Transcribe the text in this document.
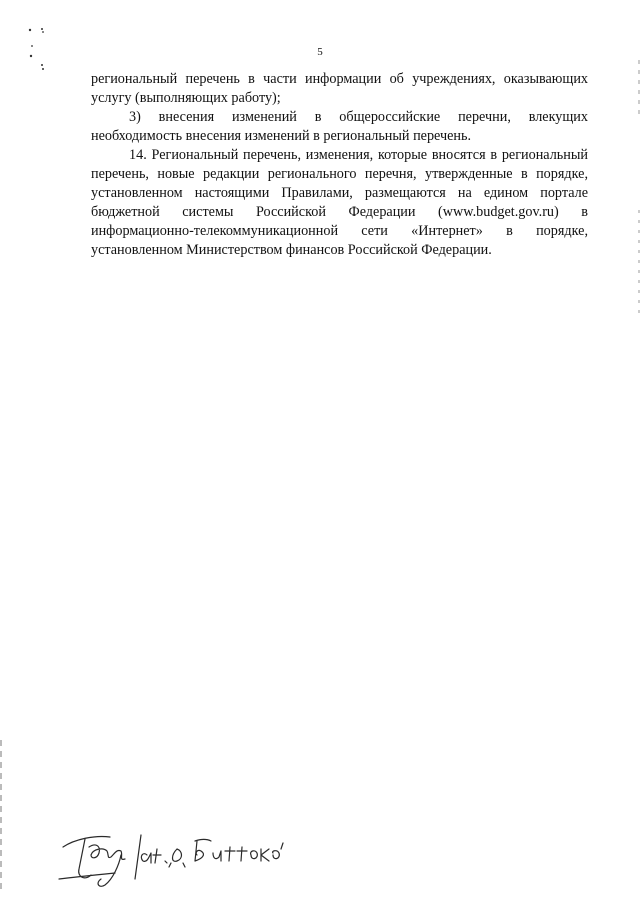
5

региональный перечень в части информации об учреждениях, оказывающих услугу (выполняющих работу);

3) внесения изменений в общероссийские перечни, влекущих необходимость внесения изменений в региональный перечень.

14. Региональный перечень, изменения, которые вносятся в региональный перечень, новые редакции регионального перечня, утвержденные в порядке, установленном настоящими Правилами, размещаются на едином портале бюджетной системы Российской Федерации (www.budget.gov.ru) в информационно-телекоммуникационной сети «Интернет» в порядке, установленном Министерством финансов Российской Федерации.
